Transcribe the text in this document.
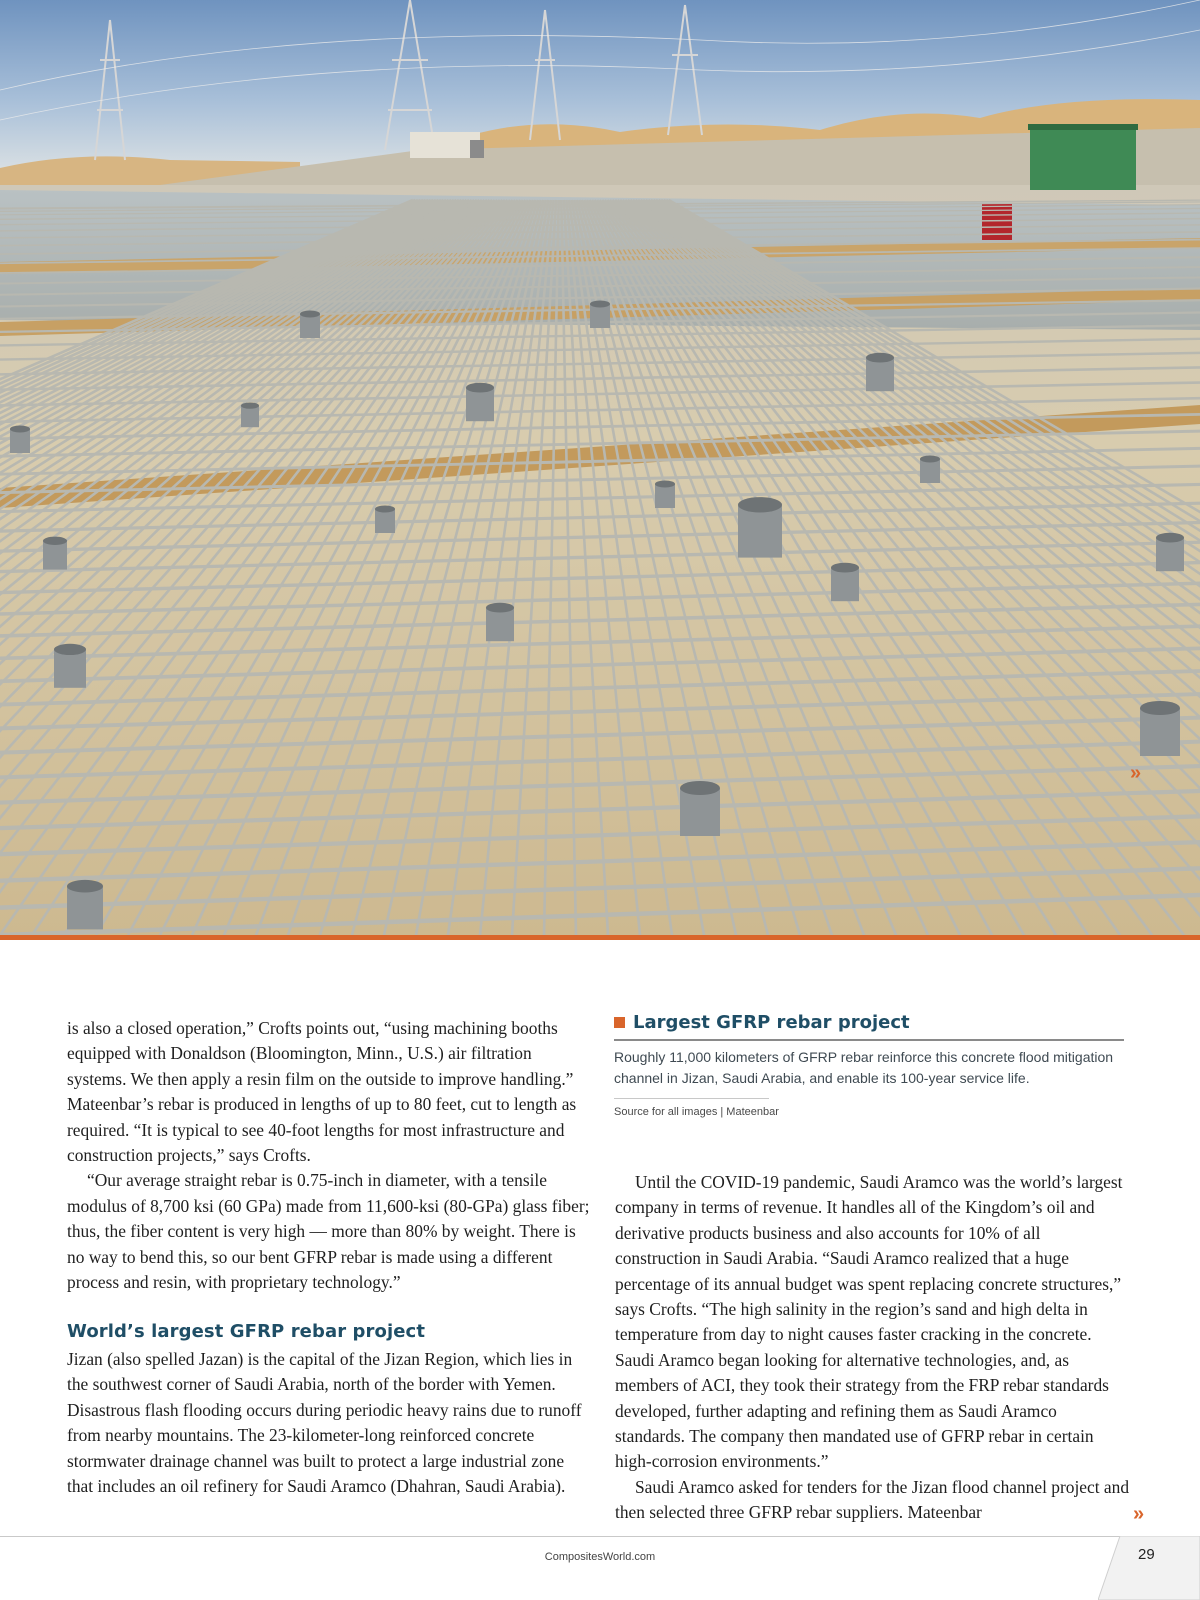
»

is also a closed operation,” Crofts points out, “using machining booths equipped with Donaldson (Bloomington, Minn., U.S.) air filtration systems. We then apply a resin film on the outside to improve handling.” Mateenbar’s rebar is produced in lengths of up to 80 feet, cut to length as required. “It is typical to see 40-foot lengths for most infrastructure and construction projects,” says Crofts.

“Our average straight rebar is 0.75-inch in diameter, with a tensile modulus of 8,700 ksi (60 GPa) made from 11,600-ksi (80-GPa) glass fiber; thus, the fiber content is very high — more than 80% by weight. There is no way to bend this, so our bent GFRP rebar is made using a different process and resin, with proprietary technology.”

World’s largest GFRP rebar project

Jizan (also spelled Jazan) is the capital of the Jizan Region, which lies in the southwest corner of Saudi Arabia, north of the border with Yemen. Disastrous flash flooding occurs during periodic heavy rains due to runoff from nearby mountains. The 23-kilometer-long reinforced concrete stormwater drainage channel was built to protect a large industrial zone that includes an oil refinery for Saudi Aramco (Dhahran, Saudi Arabia).

Largest GFRP rebar project
Roughly 11,000 kilometers of GFRP rebar reinforce this concrete flood mitigation
channel in Jizan, Saudi Arabia, and enable its 100-year service life.
Source for all images | Mateenbar

Until the COVID-19 pandemic, Saudi Aramco was the world’s largest company in terms of revenue. It handles all of the Kingdom’s oil and derivative products business and also accounts for 10% of all construction in Saudi Arabia. “Saudi Aramco realized that a huge percentage of its annual budget was spent replacing concrete structures,” says Crofts. “The high salinity in the region’s sand and high delta in temperature from day to night causes faster cracking in the concrete. Saudi Aramco began looking for alternative technologies, and, as members of ACI, they took their strategy from the FRP rebar standards developed, further adapting and refining them as Saudi Aramco standards. The company then mandated use of GFRP rebar in certain high-corrosion environments.”

Saudi Aramco asked for tenders for the Jizan flood channel project and then selected three GFRP rebar suppliers. Mateenbar	»
CompositesWorld.com	29
